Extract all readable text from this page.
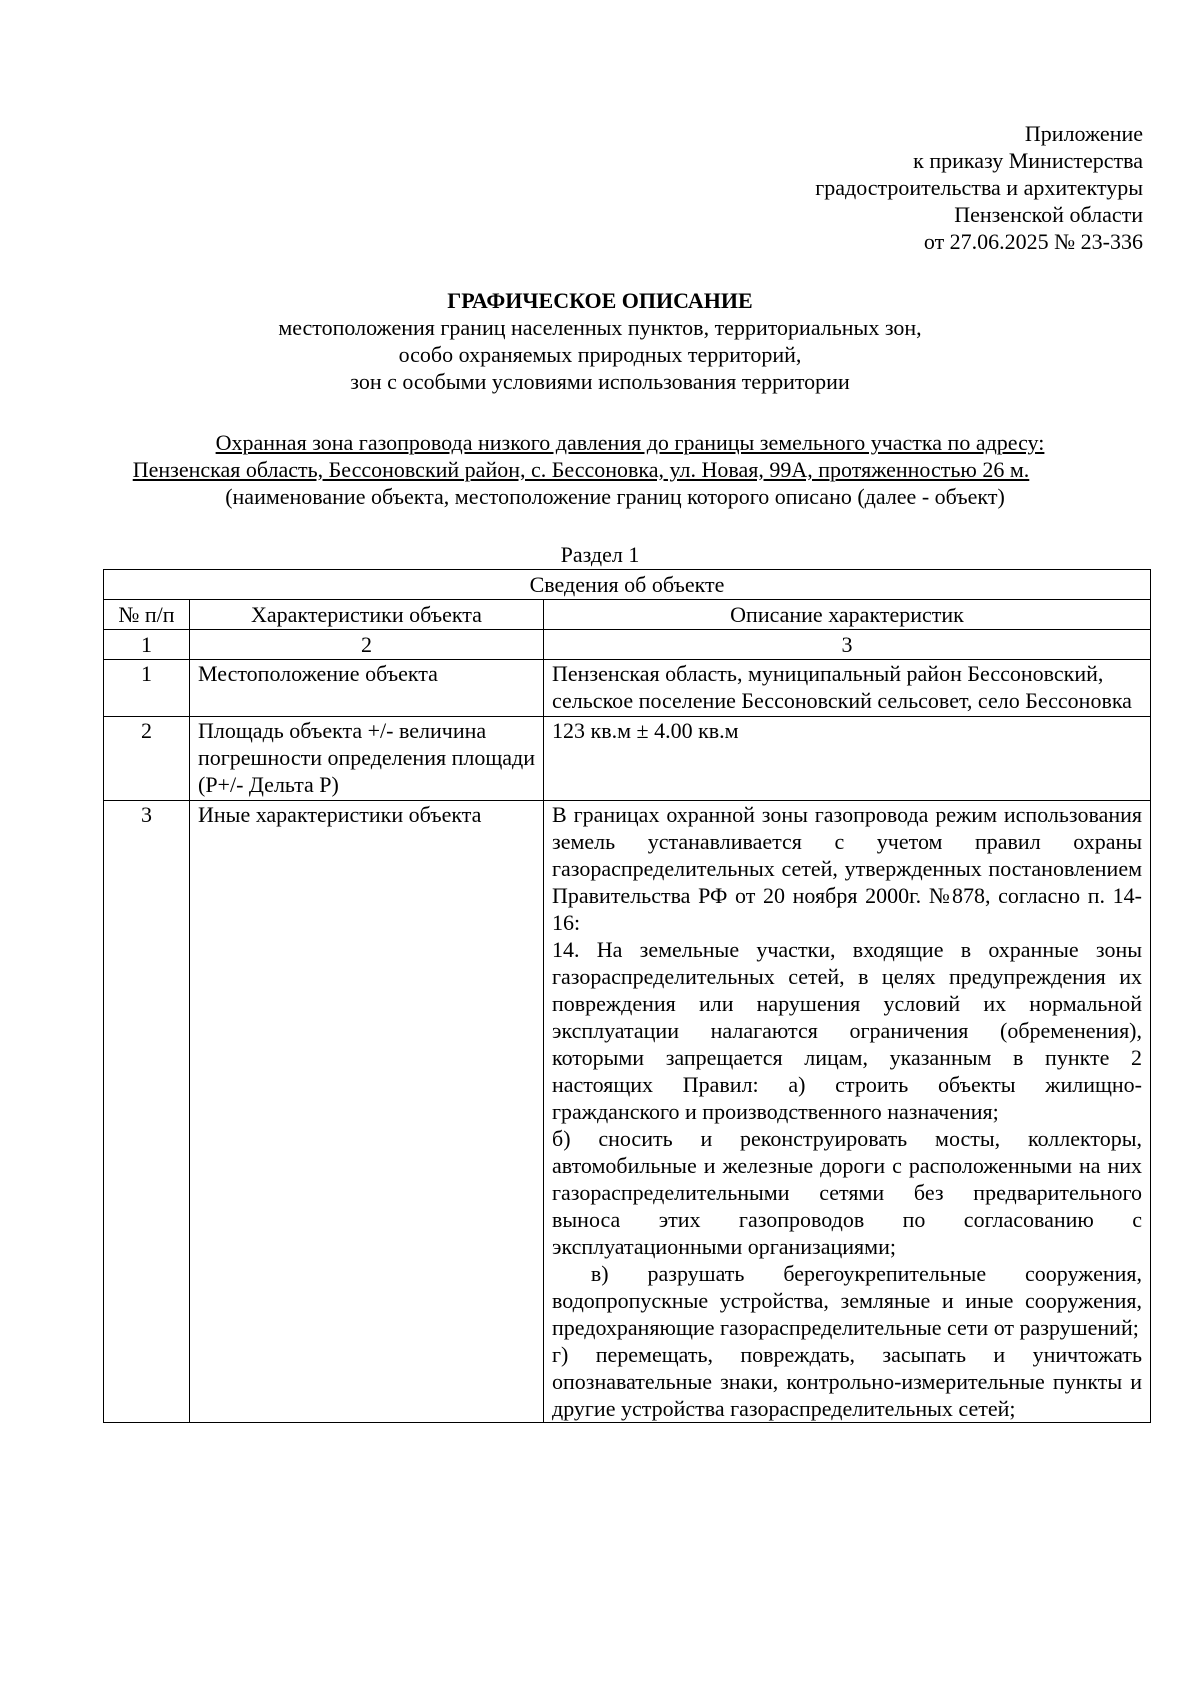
Приложение
к приказу Министерства
градостроительства и архитектуры
Пензенской области
от 27.06.2025 № 23-336
ГРАФИЧЕСКОЕ ОПИСАНИЕ
местоположения границ населенных пунктов, территориальных зон,
особо охраняемых природных территорий,
зон с особыми условиями использования территории
Охранная зона газопровода низкого давления до границы земельного участка по адресу:
Пензенская область, Бессоновский район, с. Бессоновка, ул. Новая, 99А, протяженностью 26 м.
(наименование объекта, местоположение границ которого описано (далее - объект)
Раздел 1
Сведения об объекте		
№ п/п	Характеристики объекта	Описание характеристик
1	2	3
1	Местоположение объекта	Пензенская область, муниципальный район Бессоновский, сельское поселение Бессоновский сельсовет, село Бессоновка
2	Площадь объекта +/- величина погрешности определения площади (Р+/- Дельта Р)	123 кв.м ± 4.00 кв.м
3	Иные характеристики объекта	В границах охранной зоны газопровода режим использования земель устанавливается с учетом правил охраны газораспределительных сетей, утвержденных постановлением Правительства РФ от 20 ноября 2000г. №878, согласно п. 14-16:
14. На земельные участки, входящие в охранные зоны газораспределительных сетей, в целях предупреждения их повреждения или нарушения условий их нормальной эксплуатации налагаются ограничения (обременения), которыми запрещается лицам, указанным в пункте 2 настоящих Правил: а) строить объекты жилищно-гражданского и производственного назначения;
б) сносить и реконструировать мосты, коллекторы, автомобильные и железные дороги с расположенными на них газораспределительными сетями без предварительного выноса этих газопроводов по согласованию с эксплуатационными организациями;
в) разрушать берегоукрепительные сооружения, водопропускные устройства, земляные и иные сооружения, предохраняющие газораспределительные сети от разрушений;
г) перемещать, повреждать, засыпать и уничтожать опознавательные знаки, контрольно-измерительные пункты и другие устройства газораспределительных сетей;
